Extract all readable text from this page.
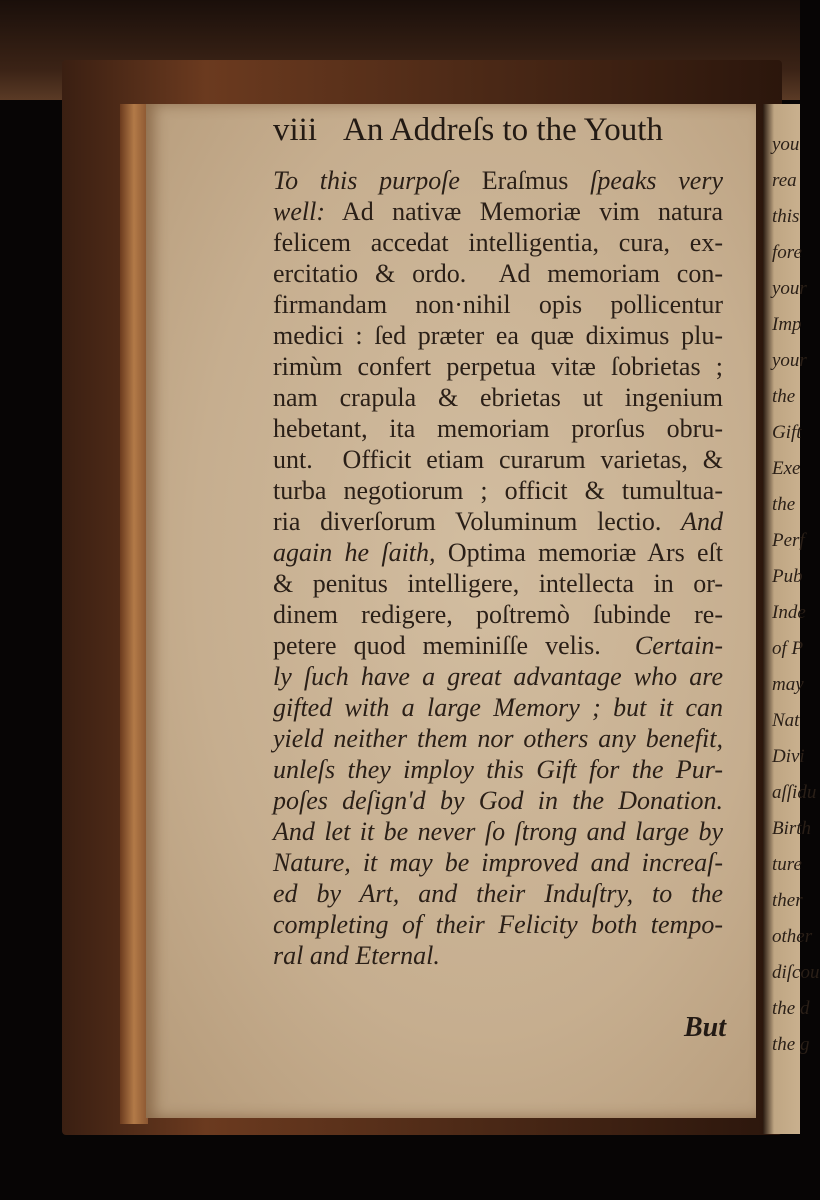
viii An Addreſs to the Youth
To this purpoſe Eraſmus ſpeaks very
well: Ad nativæ Memoriæ vim natura
felicem accedat intelligentia, cura, ex-
ercitatio & ordo.  Ad memoriam con-
firmandam non·nihil opis pollicentur
medici : ſed præter ea quæ diximus plu-
rimùm confert perpetua vitæ ſobrietas ;
nam crapula & ebrietas ut ingenium
hebetant, ita memoriam prorſus obru-
unt.  Officit etiam curarum varietas, &
turba negotiorum ; officit & tumultua-
ria diverſorum Voluminum lectio. And
again he ſaith, Optima memoriæ Ars eſt
& penitus intelligere, intellecta in or-
dinem redigere, poſtremò ſubinde re-
petere quod meminiſſe velis.  Certain-
ly ſuch have a great advantage who are
gifted with a large Memory ; but it can
yield neither them nor others any benefit,
unleſs they imploy this Gift for the Pur-
poſes deſign'd by God in the Donation.
And let it be never ſo ſtrong and large by
Nature, it may be improved and increaſ-
ed by Art, and their Induſtry, to the
completing of their Felicity both tempo-
ral and Eternal.
But
you
rea
this
fore
your
Imp
your
the
Gift
Exe
the
Perf
Pub
Inde
of P
may
Nat
Divi
aſſidu
Birth
ture
ther
other
diſcou
the d
the g
